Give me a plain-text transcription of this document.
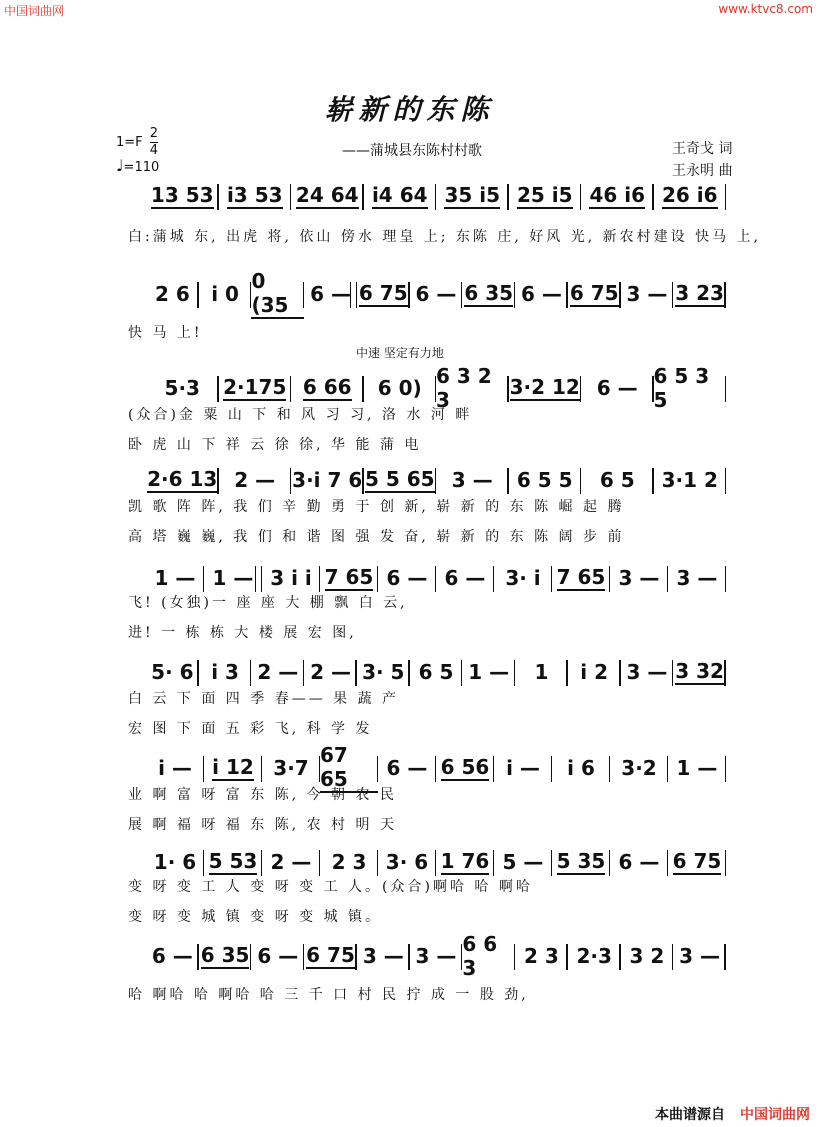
中国词曲网	www.ktvc8.com
崭新的东陈
$1=F \frac{2}{4}$
♩=110
——蒲城县东陈村村歌	王奇戈 词
王永明 曲
中速 坚定有力地
13 53 i3 53 24 64 i4 64 35 i5 25 i5 46 i6 26 i6
白:蒲城 东, 出虎 将, 依山 傍水 理皇 上; 东陈 庄, 好风 光, 新农村建设 快马 上,
2 6 i 0
0 (35	6 — 6 75 6 — 6 35 6 — 6 75 3 — 3 23
快 马 上!
5·3 2·175 6 66 6 0) 6 3 2 3
3·2 12 6 — 6 5 3 5
(众合)金 粟 山 下 和 风 习 习, 洛 水 河 畔
卧 虎 山 下 祥 云 徐 徐, 华 能 蒲 电
2·6 13 2 — 3·i 7 6 5 5 65 3 — 6 5 5 6 5 3·1 2
凯 歌 阵 阵, 我 们 辛 勤 勇 于 创 新, 崭 新 的 东 陈 崛 起 腾
高 塔 巍 巍, 我 们 和 谐 图 强 发 奋, 崭 新 的 东 陈 阔 步 前
1 — 1 — 3 i i 7 65 6 — 6 — 3· i 7 65 3 — 3 —
飞! (女独)一 座 座 大 棚 飘 白 云,
进! 一 栋 栋 大 楼 展 宏 图,
5· 6 i 3 2 — 2 — 3· 5 6 5 1 — 1 i 2 3 — 3 32
白 云 下 面 四 季 春—— 果 蔬 产
宏 图 下 面 五 彩 飞, 科 学 发
i — i 12 3·7
67 65	6 — 6 56 i — i 6 3·2 1 —
业 啊 富 呀 富 东 陈, 今 朝 农 民
展 啊 福 呀 福 东 陈, 农 村 明 天
1· 6 5 53 2 — 2 3 3· 6 1 76 5 — 5 35 6 — 6 75
变 呀 变 工 人 变 呀 变 工 人。(众合)啊哈 哈 啊哈
变 呀 变 城 镇 变 呀 变 城 镇。
6 — 6 35 6 — 6 75 3 — 3 — 6 6 3	2 3 2·3 3 2 3 —
哈 啊哈 哈 啊哈 哈 三 千 口 村 民 拧 成 一 股 劲,
本曲谱源自 中国词曲网
